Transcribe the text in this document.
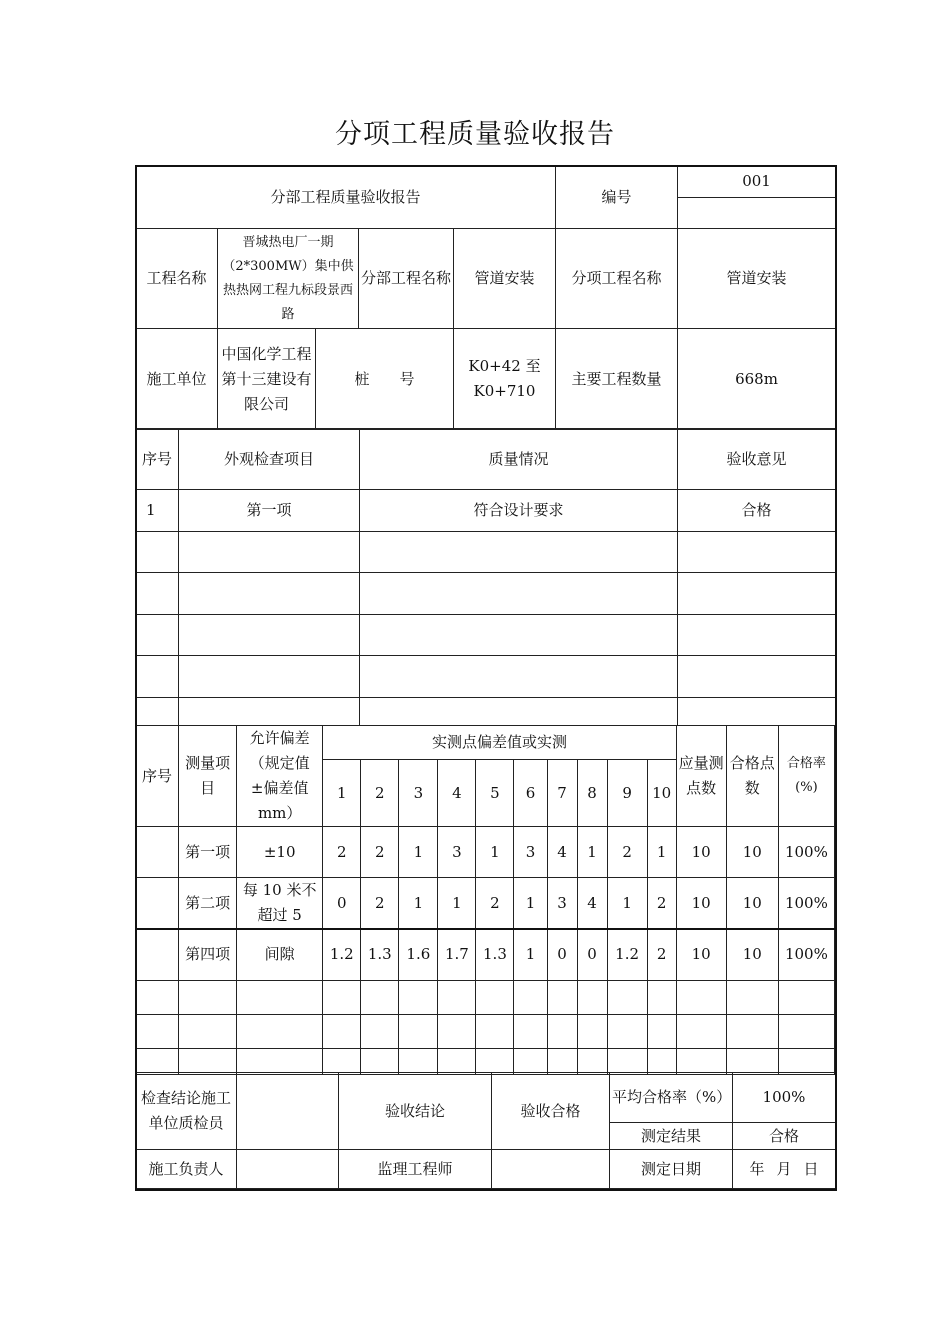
分项工程质量验收报告
分部工程质量验收报告					编号	001

工程名称	晋城热电厂一期（2*300MW）集中供热热网工程九标段景西路		分部工程名称	管道安装	分项工程名称	管道安装
施工单位	中国化学工程第十三建设有限公司	桩　　号		K0+42 至K0+710	主要工程数量	668m
序号	外观检查项目	质量情况	验收意见
1	第一项	符合设计要求	合格

序号	测量项目	允许偏差（规定值±偏差值mm）	实测点偏差值或实测										应量测点数	合格点数	合格率(%)
			1	2	3	4	5	6	7	8	9	10			
	第一项	±10	2	2	1	3	1	3	4	1	2	1	10	10	100%
	第二项	每 10 米不超过 5	0	2	1	1	2	1	3	4	1	2	10	10	100%
	第四项	间隙	1.2	1.3	1.6	1.7	1.3	1	0	0	1.2	2	10	10	100%

检查结论施工单位质检员		验收结论	验收合格	平均合格率（%）	100%
				测定结果	合格
施工负责人		监理工程师		测定日期	年 月 日
